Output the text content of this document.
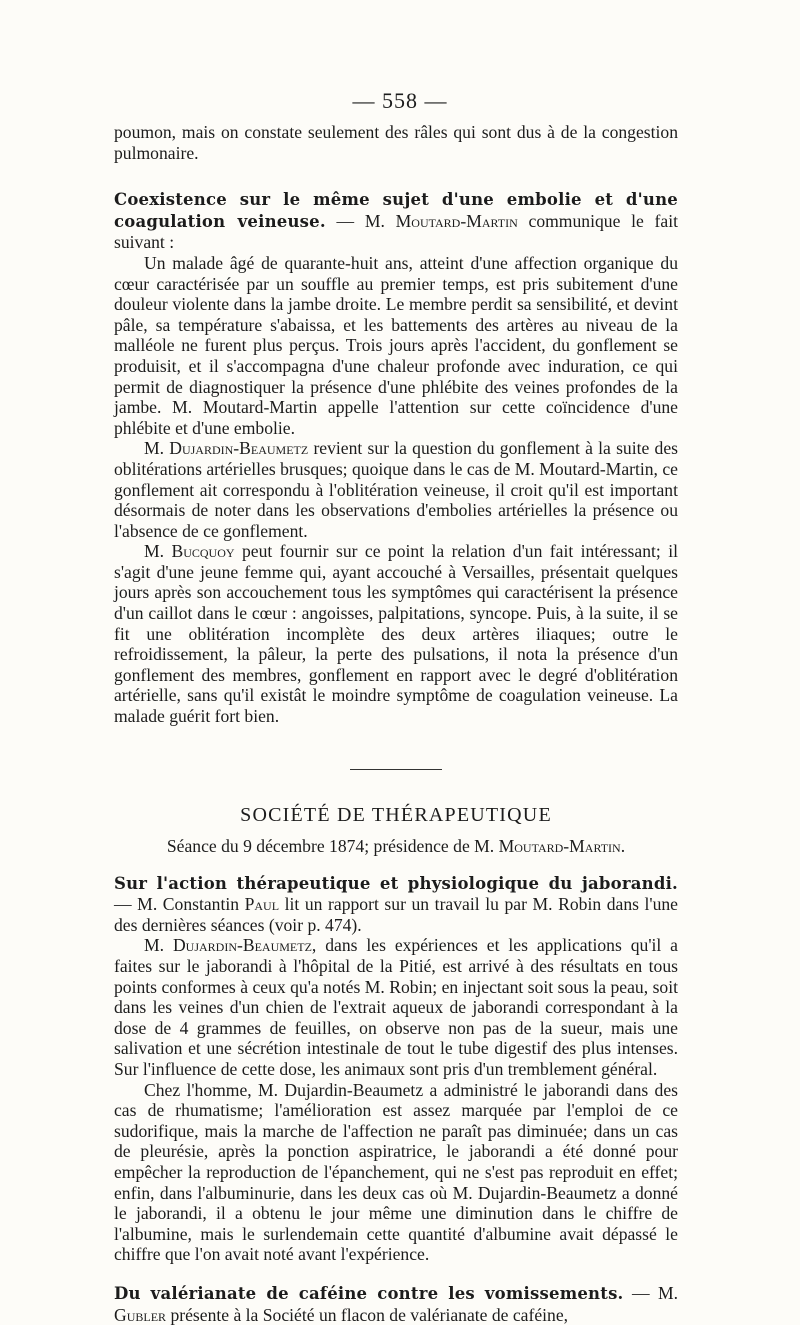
— 558 —

poumon, mais on constate seulement des râles qui sont dus à de la congestion pulmonaire.

Coexistence sur le même sujet d'une embolie et d'une coagulation veineuse. — M. Moutard-Martin communique le fait suivant :

Un malade âgé de quarante-huit ans, atteint d'une affection organique du cœur caractérisée par un souffle au premier temps, est pris subitement d'une douleur violente dans la jambe droite. Le membre perdit sa sensibilité, et devint pâle, sa température s'abaissa, et les battements des artères au niveau de la malléole ne furent plus perçus. Trois jours après l'accident, du gonflement se produisit, et il s'accompagna d'une chaleur profonde avec induration, ce qui permit de diagnostiquer la présence d'une phlébite des veines profondes de la jambe. M. Moutard-Martin appelle l'attention sur cette coïncidence d'une phlébite et d'une embolie.

M. Dujardin-Beaumetz revient sur la question du gonflement à la suite des oblitérations artérielles brusques; quoique dans le cas de M. Moutard-Martin, ce gonflement ait correspondu à l'oblitération veineuse, il croit qu'il est important désormais de noter dans les observations d'embolies artérielles la présence ou l'absence de ce gonflement.

M. Bucquoy peut fournir sur ce point la relation d'un fait intéressant; il s'agit d'une jeune femme qui, ayant accouché à Versailles, présentait quelques jours après son accouchement tous les symptômes qui caractérisent la présence d'un caillot dans le cœur : angoisses, palpitations, syncope. Puis, à la suite, il se fit une oblitération incomplète des deux artères iliaques; outre le refroidissement, la pâleur, la perte des pulsations, il nota la présence d'un gonflement des membres, gonflement en rapport avec le degré d'oblitération artérielle, sans qu'il existât le moindre symptôme de coagulation veineuse. La malade guérit fort bien.

SOCIÉTÉ DE THÉRAPEUTIQUE
Séance du 9 décembre 1874; présidence de M. Moutard-Martin.

Sur l'action thérapeutique et physiologique du jaborandi. — M. Constantin Paul lit un rapport sur un travail lu par M. Robin dans l'une des dernières séances (voir p. 474).

M. Dujardin-Beaumetz, dans les expériences et les applications qu'il a faites sur le jaborandi à l'hôpital de la Pitié, est arrivé à des résultats en tous points conformes à ceux qu'a notés M. Robin; en injectant soit sous la peau, soit dans les veines d'un chien de l'extrait aqueux de jaborandi correspondant à la dose de 4 grammes de feuilles, on observe non pas de la sueur, mais une salivation et une sécrétion intestinale de tout le tube digestif des plus intenses. Sur l'influence de cette dose, les animaux sont pris d'un tremblement général.

Chez l'homme, M. Dujardin-Beaumetz a administré le jaborandi dans des cas de rhumatisme; l'amélioration est assez marquée par l'emploi de ce sudorifique, mais la marche de l'affection ne paraît pas diminuée; dans un cas de pleurésie, après la ponction aspiratrice, le jaborandi a été donné pour empêcher la reproduction de l'épanchement, qui ne s'est pas reproduit en effet; enfin, dans l'albuminurie, dans les deux cas où M. Dujardin-Beaumetz a donné le jaborandi, il a obtenu le jour même une diminution dans le chiffre de l'albumine, mais le surlendemain cette quantité d'albumine avait dépassé le chiffre que l'on avait noté avant l'expérience.

Du valérianate de caféine contre les vomissements. — M. Gubler présente à la Société un flacon de valérianate de caféine,
